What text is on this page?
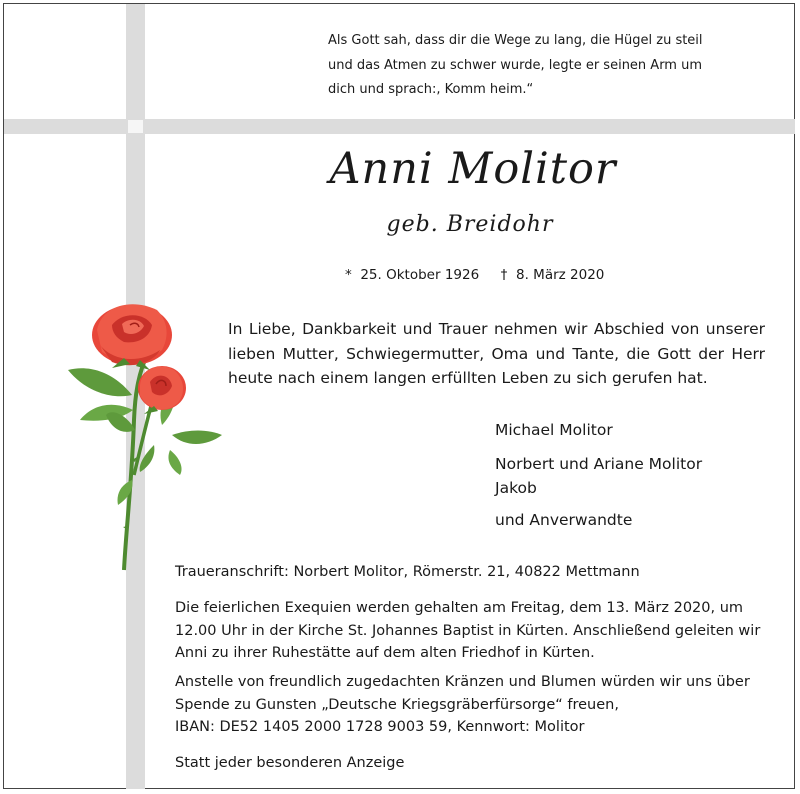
Als Gott sah, dass dir die Wege zu lang, die Hügel zu steil
und das Atmen zu schwer wurde, legte er seinen Arm um
dich und sprach:, Komm heim.“
Anni Molitor
geb. Breidohr
* 25. Oktober 1926 † 8. März 2020
In Liebe, Dankbarkeit und Trauer nehmen wir Abschied von unserer lieben Mutter, Schwiegermutter, Oma und Tante, die Gott der Herr heute nach einem langen erfüllten Leben zu sich gerufen hat.
Michael Molitor
Norbert und Ariane Molitor
Jakob
und Anverwandte
Traueranschrift: Norbert Molitor, Römerstr. 21, 40822 Mettmann
Die feierlichen Exequien werden gehalten am Freitag, dem 13. März 2020, um
12.00 Uhr in der Kirche St. Johannes Baptist in Kürten. Anschließend geleiten wir
Anni zu ihrer Ruhestätte auf dem alten Friedhof in Kürten.
Anstelle von freundlich zugedachten Kränzen und Blumen würden wir uns über
Spende zu Gunsten „Deutsche Kriegsgräberfürsorge“ freuen,
IBAN: DE52 1405 2000 1728 9003 59, Kennwort: Molitor
Statt jeder besonderen Anzeige
